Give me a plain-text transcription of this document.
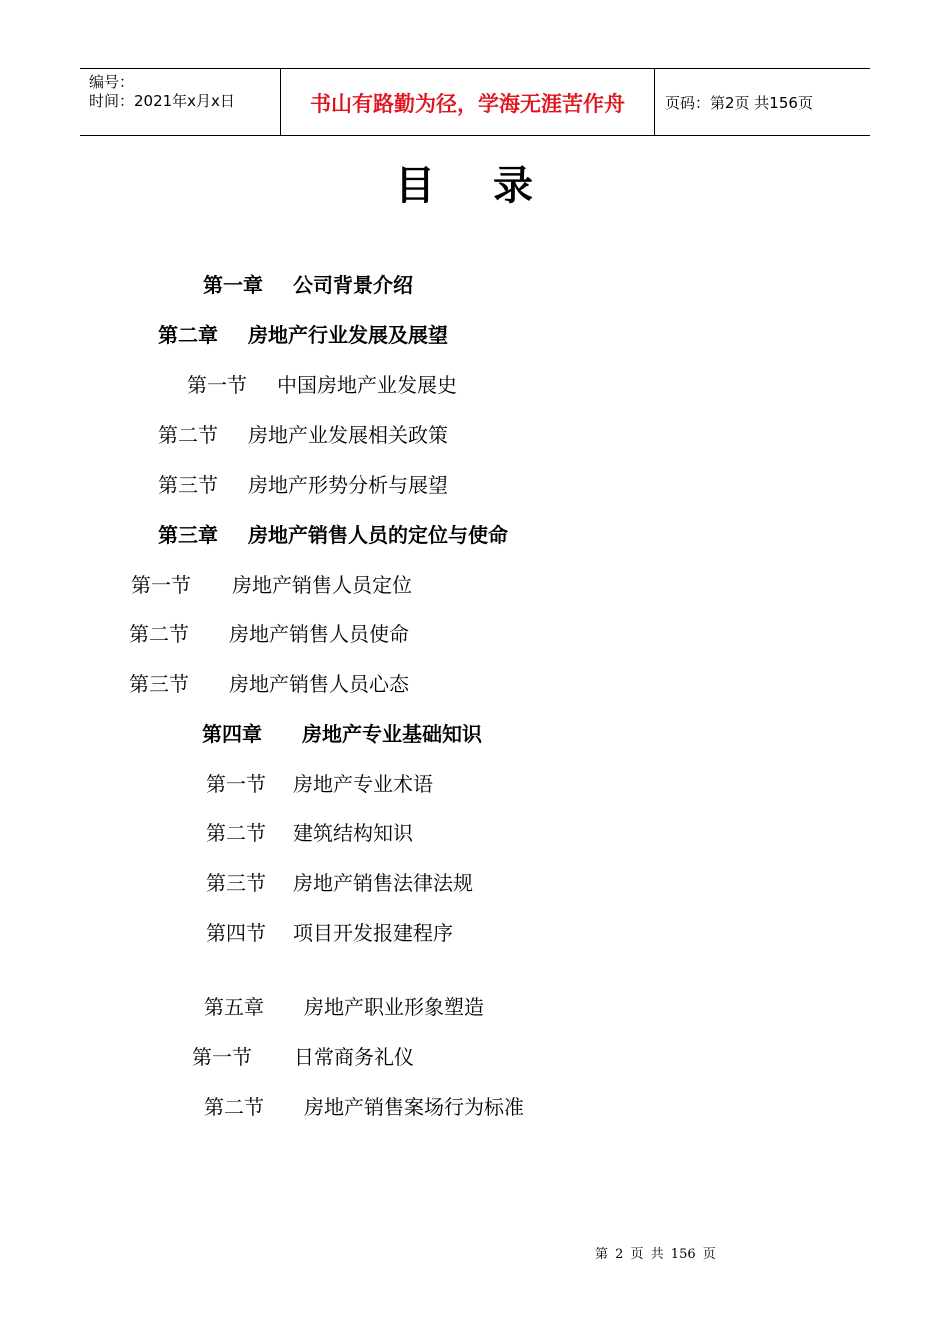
编号：
时间：2021年x月x日	书山有路勤为径，学海无涯苦作舟	页码：第2页 共156页
目 录
第一章 公司背景介绍
第二章 房地产行业发展及展望
第一节 中国房地产业发展史
第二节 房地产业发展相关政策
第三节 房地产形势分析与展望
第三章 房地产销售人员的定位与使命
第一节 房地产销售人员定位
第二节 房地产销售人员使命
第三节 房地产销售人员心态
第四章 房地产专业基础知识
第一节 房地产专业术语
第二节 建筑结构知识
第三节 房地产销售法律法规
第四节 项目开发报建程序
第五章 房地产职业形象塑造
第一节 日常商务礼仪
第二节 房地产销售案场行为标准
第 2 页 共 156 页
